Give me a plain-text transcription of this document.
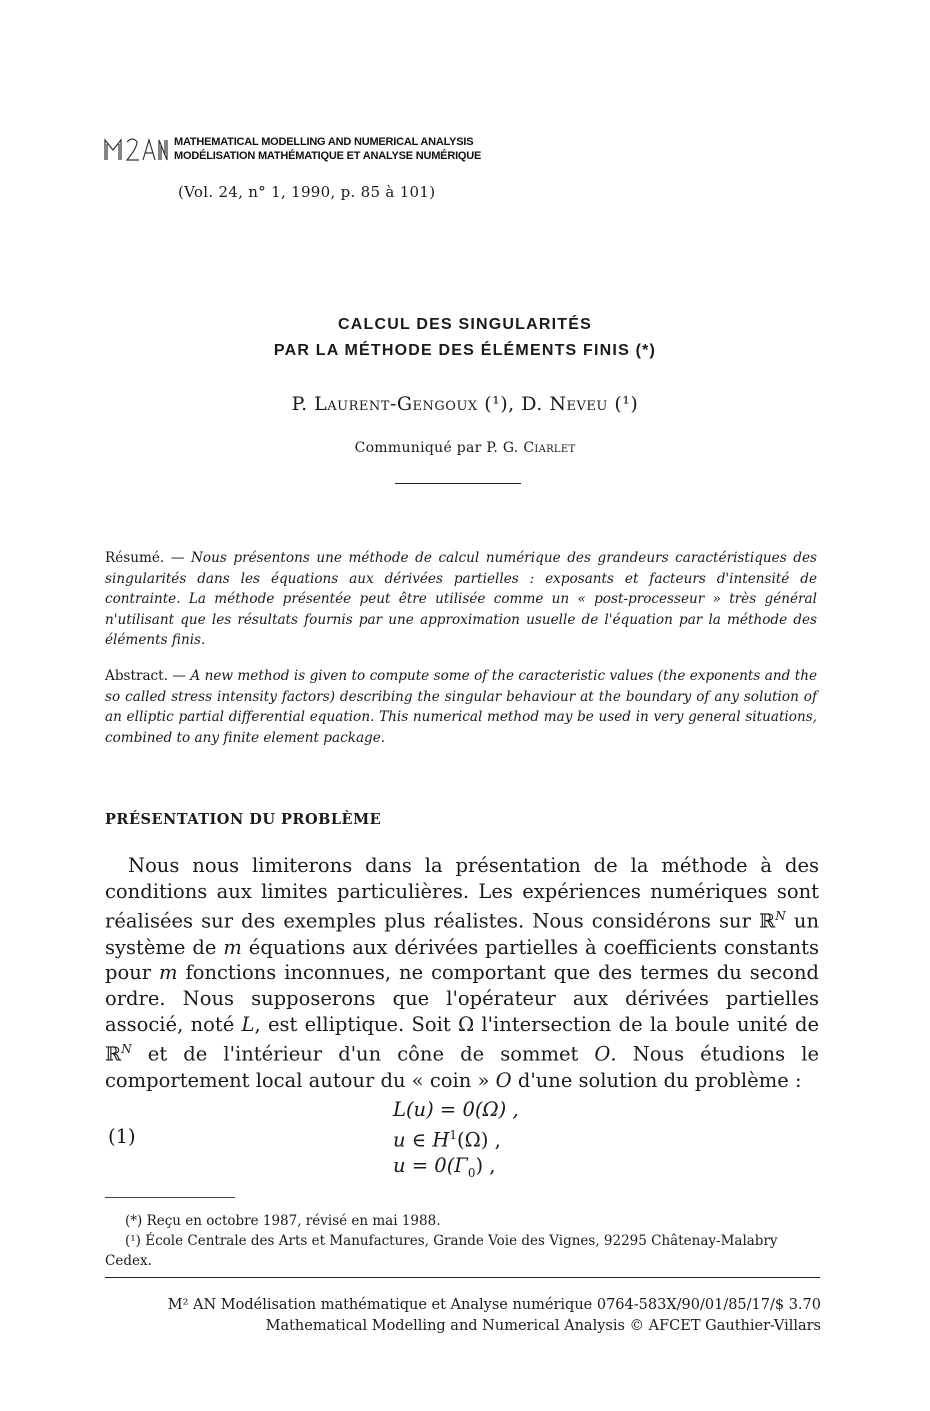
MATHEMATICAL MODELLING AND NUMERICAL ANALYSIS
MODÉLISATION MATHÉMATIQUE ET ANALYSE NUMÉRIQUE
(Vol. 24, n° 1, 1990, p. 85 à 101)
CALCUL DES SINGULARITÉS
PAR LA MÉTHODE DES ÉLÉMENTS FINIS (*)
P. Laurent-Gengoux (¹), D. Neveu (¹)
Communiqué par P. G. Ciarlet
Résumé. — Nous présentons une méthode de calcul numérique des grandeurs caractéristiques des singularités dans les équations aux dérivées partielles : exposants et facteurs d'intensité de contrainte. La méthode présentée peut être utilisée comme un « post-processeur » très général n'utilisant que les résultats fournis par une approximation usuelle de l'équation par la méthode des éléments finis.
Abstract. — A new method is given to compute some of the caracteristic values (the exponents and the so called stress intensity factors) describing the singular behaviour at the boundary of any solution of an elliptic partial differential equation. This numerical method may be used in very general situations, combined to any finite element package.
PRÉSENTATION DU PROBLÈME

Nous nous limiterons dans la présentation de la méthode à des conditions aux limites particulières. Les expériences numériques sont réalisées sur des exemples plus réalistes. Nous considérons sur ℝ$^N$ un système de m équations aux dérivées partielles à coefficients constants pour m fonctions inconnues, ne comportant que des termes du second ordre. Nous supposerons que l'opérateur aux dérivées partielles associé, noté L, est elliptique. Soit Ω l'intersection de la boule unité de ℝ$^N$ et de l'intérieur d'un cône de sommet O. Nous étudions le comportement local autour du « coin » O d'une solution du problème :

(1)
L(u) = 0(Ω) ,
u ∈ $H^1(\Omega)$ ,
$u = 0(\Gamma_0)$ ,
(*) Reçu en octobre 1987, révisé en mai 1988.
(¹) École Centrale des Arts et Manufactures, Grande Voie des Vignes, 92295 Châtenay-Malabry Cedex.
M² AN Modélisation mathématique et Analyse numérique 0764-583X/90/01/85/17/$ 3.70
Mathematical Modelling and Numerical Analysis © AFCET Gauthier-Villars
